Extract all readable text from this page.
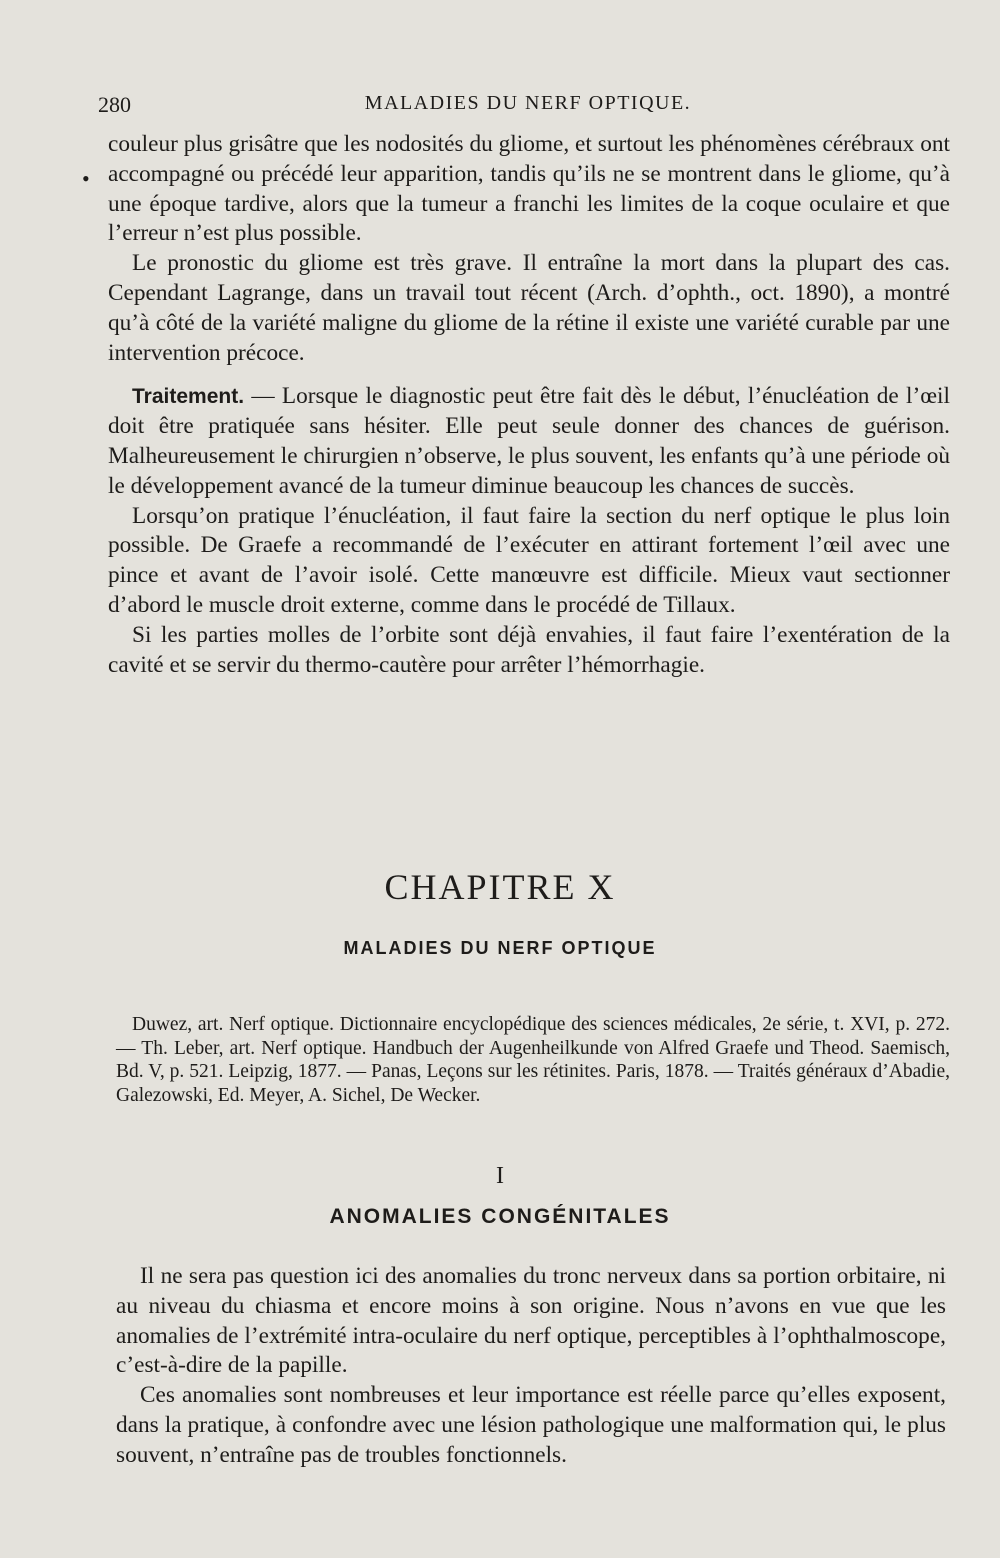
280	MALADIES DU NERF OPTIQUE.

couleur plus grisâtre que les nodosités du gliome, et surtout les phénomènes cérébraux ont accompagné ou précédé leur apparition, tandis qu’ils ne se montrent dans le gliome, qu’à une époque tardive, alors que la tumeur a franchi les limites de la coque oculaire et que l’erreur n’est plus possible.

Le pronostic du gliome est très grave. Il entraîne la mort dans la plupart des cas. Cependant Lagrange, dans un travail tout récent (Arch. d’ophth., oct. 1890), a montré qu’à côté de la variété maligne du gliome de la rétine il existe une variété curable par une intervention précoce.

Traitement. — Lorsque le diagnostic peut être fait dès le début, l’énucléation de l’œil doit être pratiquée sans hésiter. Elle peut seule donner des chances de guérison. Malheureusement le chirurgien n’observe, le plus souvent, les enfants qu’à une période où le développement avancé de la tumeur diminue beaucoup les chances de succès.

Lorsqu’on pratique l’énucléation, il faut faire la section du nerf optique le plus loin possible. De Graefe a recommandé de l’exécuter en attirant fortement l’œil avec une pince et avant de l’avoir isolé. Cette manœuvre est difficile. Mieux vaut sectionner d’abord le muscle droit externe, comme dans le procédé de Tillaux.

Si les parties molles de l’orbite sont déjà envahies, il faut faire l’exentération de la cavité et se servir du thermo-cautère pour arrêter l’hémorrhagie.

CHAPITRE X
MALADIES DU NERF OPTIQUE

Duwez, art. Nerf optique. Dictionnaire encyclopédique des sciences médicales, 2e série, t. XVI, p. 272. — Th. Leber, art. Nerf optique. Handbuch der Augenheilkunde von Alfred Graefe und Theod. Saemisch, Bd. V, p. 521. Leipzig, 1877. — Panas, Leçons sur les rétinites. Paris, 1878. — Traités généraux d’Abadie, Galezowski, Ed. Meyer, A. Sichel, De Wecker.

I
ANOMALIES CONGÉNITALES

Il ne sera pas question ici des anomalies du tronc nerveux dans sa portion orbitaire, ni au niveau du chiasma et encore moins à son origine. Nous n’avons en vue que les anomalies de l’extrémité intra-oculaire du nerf optique, perceptibles à l’ophthalmoscope, c’est-à-dire de la papille.

Ces anomalies sont nombreuses et leur importance est réelle parce qu’elles exposent, dans la pratique, à confondre avec une lésion pathologique une malformation qui, le plus souvent, n’entraîne pas de troubles fonctionnels.

•
